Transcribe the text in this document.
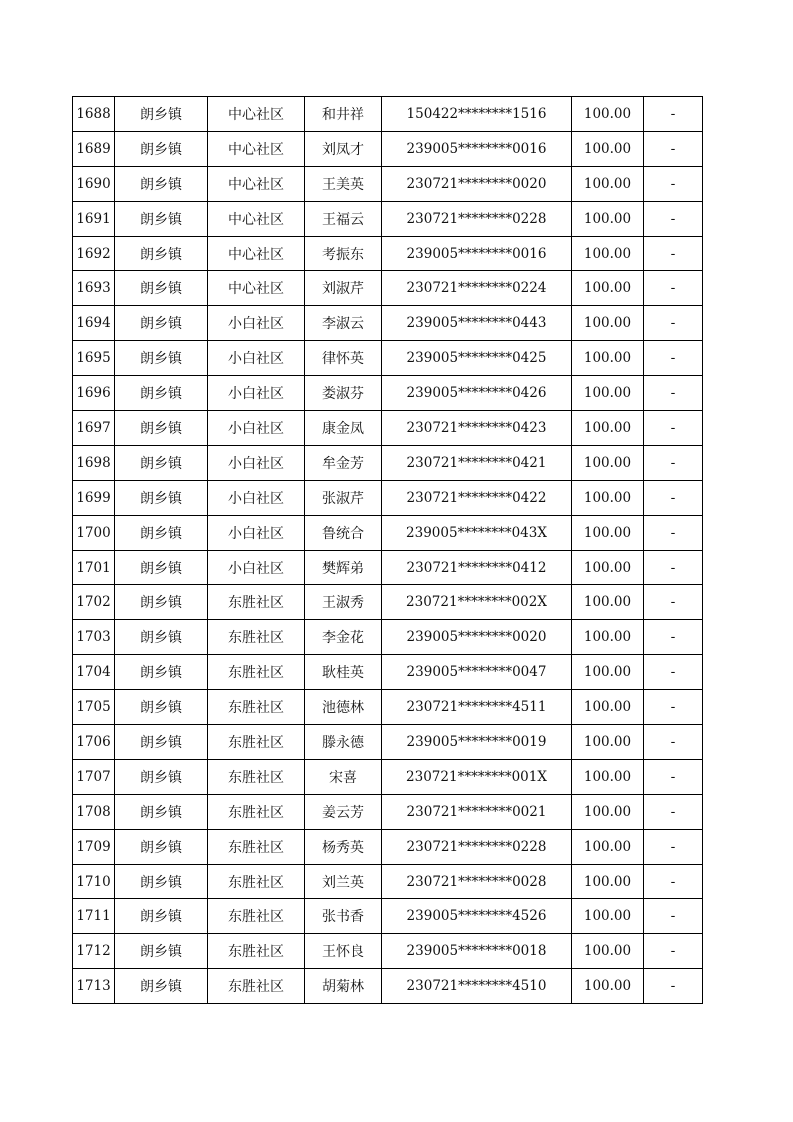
1688	朗乡镇	中心社区	和井祥	150422********1516	100.00	-
1689	朗乡镇	中心社区	刘凤才	239005********0016	100.00	-
1690	朗乡镇	中心社区	王美英	230721********0020	100.00	-
1691	朗乡镇	中心社区	王福云	230721********0228	100.00	-
1692	朗乡镇	中心社区	考振东	239005********0016	100.00	-
1693	朗乡镇	中心社区	刘淑芹	230721********0224	100.00	-
1694	朗乡镇	小白社区	李淑云	239005********0443	100.00	-
1695	朗乡镇	小白社区	律怀英	239005********0425	100.00	-
1696	朗乡镇	小白社区	娄淑芬	239005********0426	100.00	-
1697	朗乡镇	小白社区	康金凤	230721********0423	100.00	-
1698	朗乡镇	小白社区	牟金芳	230721********0421	100.00	-
1699	朗乡镇	小白社区	张淑芹	230721********0422	100.00	-
1700	朗乡镇	小白社区	鲁统合	239005********043X	100.00	-
1701	朗乡镇	小白社区	樊辉弟	230721********0412	100.00	-
1702	朗乡镇	东胜社区	王淑秀	230721********002X	100.00	-
1703	朗乡镇	东胜社区	李金花	239005********0020	100.00	-
1704	朗乡镇	东胜社区	耿桂英	239005********0047	100.00	-
1705	朗乡镇	东胜社区	池德林	230721********4511	100.00	-
1706	朗乡镇	东胜社区	滕永德	239005********0019	100.00	-
1707	朗乡镇	东胜社区	宋喜	230721********001X	100.00	-
1708	朗乡镇	东胜社区	姜云芳	230721********0021	100.00	-
1709	朗乡镇	东胜社区	杨秀英	230721********0228	100.00	-
1710	朗乡镇	东胜社区	刘兰英	230721********0028	100.00	-
1711	朗乡镇	东胜社区	张书香	239005********4526	100.00	-
1712	朗乡镇	东胜社区	王怀良	239005********0018	100.00	-
1713	朗乡镇	东胜社区	胡菊林	230721********4510	100.00	-
